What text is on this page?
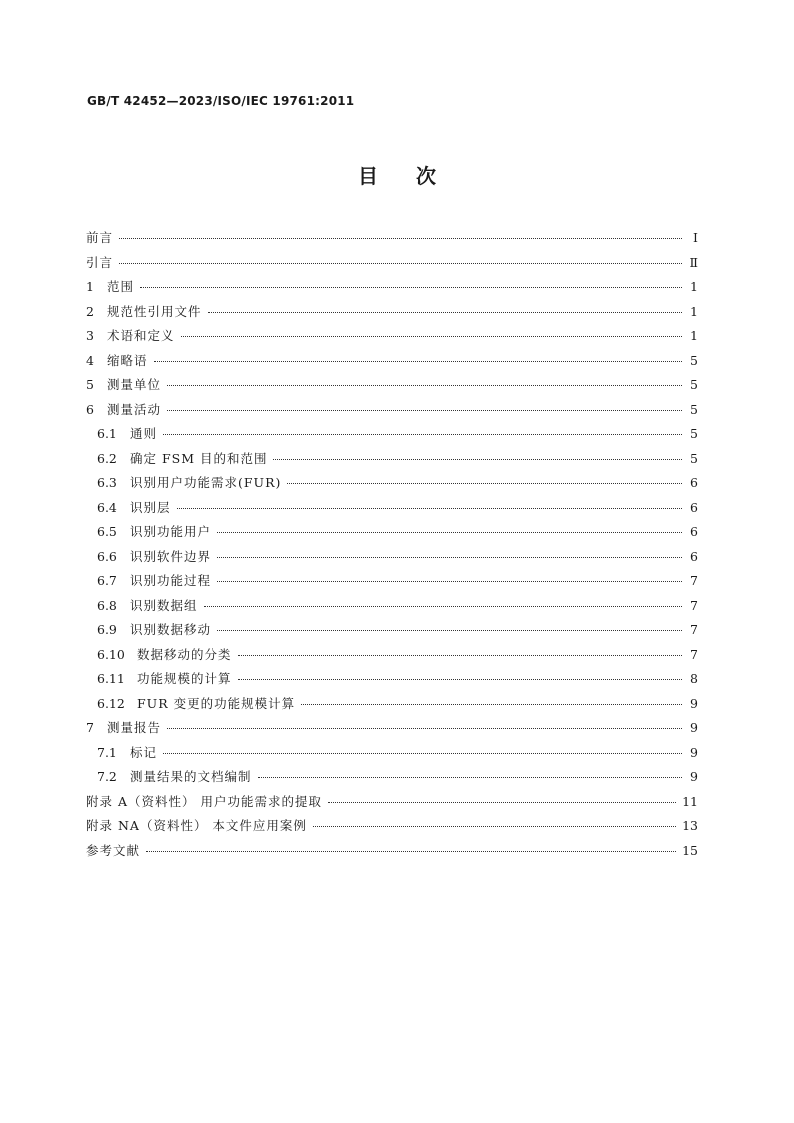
GB/T 42452—2023/ISO/IEC 19761:2011
目 次
前言	Ⅰ
引言	Ⅱ
1	范围	1
2	规范性引用文件	1
3	术语和定义	1
4	缩略语	5
5	测量单位	5
6	测量活动	5
6.1	通则	5
6.2	确定 FSM 目的和范围	5
6.3	识别用户功能需求(FUR)	6
6.4	识别层	6
6.5	识别功能用户	6
6.6	识别软件边界	6
6.7	识别功能过程	7
6.8	识别数据组	7
6.9	识别数据移动	7
6.10 数据移动的分类	7
6.11 功能规模的计算	8
6.12 FUR 变更的功能规模计算	9
7	测量报告	9
7.1	标记	9
7.2	测量结果的文档编制	9
附录 A（资料性） 用户功能需求的提取	11
附录 NA（资料性） 本文件应用案例	13
参考文献	15
